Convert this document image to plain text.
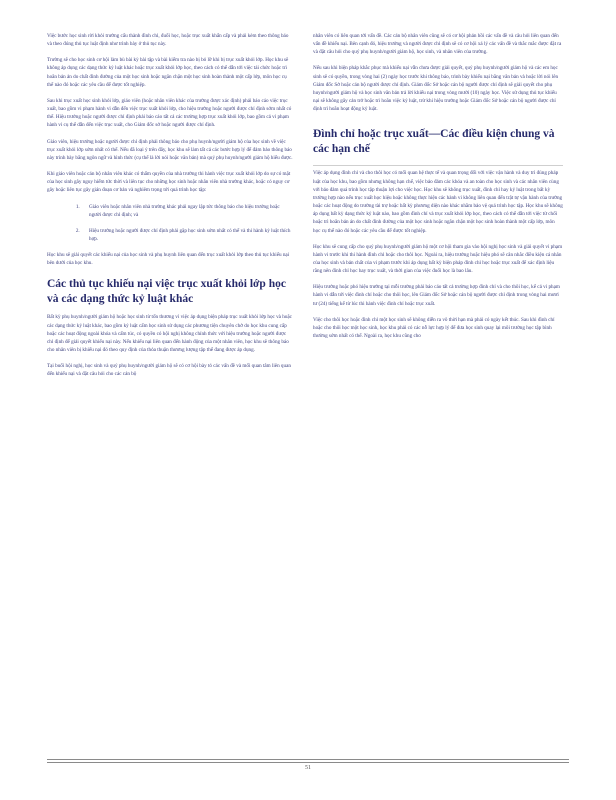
Việc bước học sinh rời khỏi trường cấu thành đình chỉ, đuổi học, hoặc trục xuất khẩn cấp và phải kèm theo thông báo và theo đúng thủ tục luật định như trình bày ở thủ tục này.

Trường sẽ cho học sinh cơ hội làm bù bài kỳ bài tập và bài kiểm tra nào bị bỏ lỡ khi bị trục xuất khỏi lớp. Học khu sẽ không áp dụng các dạng thức kỷ luật khác hoặc trục xuất khỏi lớp học, theo cách có thể dẫn tới việc tái chức hoặc trì hoãn bản ản do chất đình đường của một học sinh hoặc ngăn chặn một học sinh hoàn thành một cấp lớp, môn học cụ thể nào đó hoặc các yêu cầu để được tốt nghiệp.

Sau khi trục xuất học sinh khỏi lớp, giáo viên (hoặc nhân viên khác của trường được xác định) phải báo cáo việc trục xuất, bao gồm vi phạm hành vi dẫn đến việc trục xuất khỏi lớp, cho hiệu trưởng hoặc người được chỉ định sớm nhất có thể. Hiệu trưởng hoặc người được chỉ định phải báo cáo tất cả các trường hợp trục xuất khỏi lớp, bao gồm cả vi phạm hành vi cụ thể dẫn đến việc trục xuất, cho Giám đốc sở hoặc người được chỉ định.

Giáo viên, hiệu trưởng hoặc người được chỉ định phải thông báo cho phụ huynh/người giám hộ của học sinh về việc trục xuất khỏi lớp sớm nhất có thể. Nếu đã loại ý trên đây, học khu sẽ làm tất cả các bước hợp lý để đảm bảo thông báo này trình bày bằng ngôn ngữ và hình thức (cụ thể là lời nói hoặc văn bản) mà quý phụ huynh/người giám hộ hiểu được.

Khi giáo viên hoặc cán bộ nhân viên khác có thẩm quyền của nhà trường thi hành việc trục xuất khỏi lớp do sự có mặt của học sinh gây nguy hiểm tức thời và liên tục cho những học sinh hoặc nhân viên nhà trường khác, hoặc có nguy cơ gây hoặc liên tục gây gián đoạn cơ bản và nghiêm trọng tới quá trình học tập:

1. Giáo viên hoặc nhân viên nhà trường khác phải ngay lập tức thông báo cho hiệu trưởng hoặc người được chỉ định; và
2. Hiệu trưởng hoặc người được chỉ định phải gặp học sinh sớm nhất có thể và thi hành kỷ luật thích hợp.

Học khu sẽ giải quyết các khiếu nại của học sinh và phụ huynh liên quan đến trục xuất khỏi lớp theo thủ tục khiếu nại bên dưới của học khu.

Các thủ tục khiếu nại việc trục xuất khỏi lớp học và các dạng thức kỷ luật khác

Bất kỳ phụ huynh/người giám hộ hoặc học sinh từ tốn thương vì việc áp dụng biện pháp trục xuất khỏi lớp học và hoặc các dạng thức kỷ luật khác, bao gồm kỷ luật cấm học sinh sử dụng các phương tiện chuyên chở do học khu cung cấp hoặc các hoạt động ngoài khóa và cấm túc, có quyền có hội nghị không chính thức với hiệu trưởng hoặc người được chỉ định để giải quyết khiếu nại này. Nếu khiếu nại liên quan đến hành động của một nhân viên, học khu sẽ thông báo cho nhân viên bị khiếu nại đó theo quy định của thỏa thuận thương lượng tập thể đang được áp dụng.

Tại buổi hội nghị, học sinh và quý phụ huynh/người giám hộ sẽ có cơ hội bày tỏ các vấn đề và mối quan tâm liên quan đến khiếu nại và đặt câu hỏi cho các cán bộ

nhân viên có liên quan tới vấn đề. Các cán bộ nhân viên cũng sẽ có cơ hội phản hồi các vấn đề và câu hỏi liên quan đến vấn đề khiếu nại. Bên cạnh đó, hiệu trưởng và người được chỉ định sẽ có cơ hội xá lý các vấn đề và thắc mắc được đặt ra và đặt câu hỏi cho quý phụ huynh/người giám hộ, học sinh, và nhân viên của trường.

Nếu sau khi biện pháp khắc phục mà khiếu nại vẫn chưa được giải quyết, quý phụ huynh/người giám hộ và các em học sinh sẽ có quyền, trong vòng hai (2) ngày học trước khi thông báo, trình bày khiếu nại bằng văn bản và hoặc lời nói lên Giám đốc Sở hoặc cán bộ người được chỉ định. Giám đốc Sở hoặc cán bộ người được chỉ định sẽ giải quyết cho phụ huynh/người giám hộ và học sinh văn bản trả lời khiếu nại trong vòng mười (10) ngày học. Việc sử dụng thủ tục khiếu nại sẽ không gây cản trở hoặc trì hoãn việc kỷ luật, trừ khi hiệu trưởng hoặc Giám đốc Sở hoặc cán bộ người được chỉ định trì hoãn hoạt động kỷ luật.

Đình chỉ hoặc trục xuất—Các điều kiện chung và các hạn chế

Việc áp dụng đình chỉ và cho thôi học có mối quan hệ thực tế và quan trọng đối với việc vận hành và duy trì đúng pháp luật của học khu, bao gồm nhưng không hạn chế, việc bảo đảm các khóa và an toàn cho học sinh và các nhân viên cùng với bảo đảm quá trình học tập thuận lợi cho việc học. Học khu sẽ không trục xuất, đình chỉ hay kỷ luật trong bất kỳ trường hợp nào nếu trục xuất học hiệu hoặc không thực hiện các hành vi không liên quan đến trật tự vận hành của trường hoặc các hoạt động do trường tài trợ hoặc bất kỳ phương diện nào khác nhằm bảo vệ quá trình học tập. Học khu sẽ không áp dụng bất kỳ dạng thức kỷ luật nào, bao gồm đình chỉ và trục xuất khỏi lớp học, theo cách có thể dẫn tới việc từ chối hoặc trì hoãn bản án do chất đình đường của một học sinh hoặc ngăn chặn một học sinh hoàn thành một cấp lớp, môn học cụ thể nào đó hoặc các yêu cầu để được tốt nghiệp.

Học khu sẽ cung cấp cho quý phụ huynh/người giám hộ một cơ hội tham gia vào hội nghị học sinh và giải quyết vi phạm hành vi trước khi thi hành đình chỉ hoặc cho thôi học. Ngoài ra, hiệu trưởng hoặc hiệu phó sẽ cân nhắc điều kiện cá nhân của học sinh và bản chất của vi phạm trước khi áp dụng bất kỳ biện pháp đình chỉ học hoặc trục xuất để xác định liệu rằng nên đình chỉ học hay trục xuất, và thời gian của việc đuổi học là bao lâu.

Hiệu trưởng hoặc phó hiệu trưởng tại mỗi trường phải báo cáo tất cả trường hợp đình chỉ và cho thôi học, kể cả vi phạm hành vi dẫn tới việc đình chỉ hoặc cho thôi học, lên Giám đốc Sở hoặc cán bộ người được chỉ định trong vòng hai mươi tư (24) tiếng kể từ lúc thi hành việc đình chỉ hoặc trục xuất.

Việc cho thôi học hoặc đình chỉ một học sinh sẽ không diễn ra vô thời hạn mà phải có ngày kết thúc. Sau khi đình chỉ hoặc cho thôi học một học sinh, học khu phải có các nỗ lực hợp lý để đưa học sinh quay lại môi trường học tập bình thường sớm nhất có thể. Ngoài ra, học khu cũng cho

51
